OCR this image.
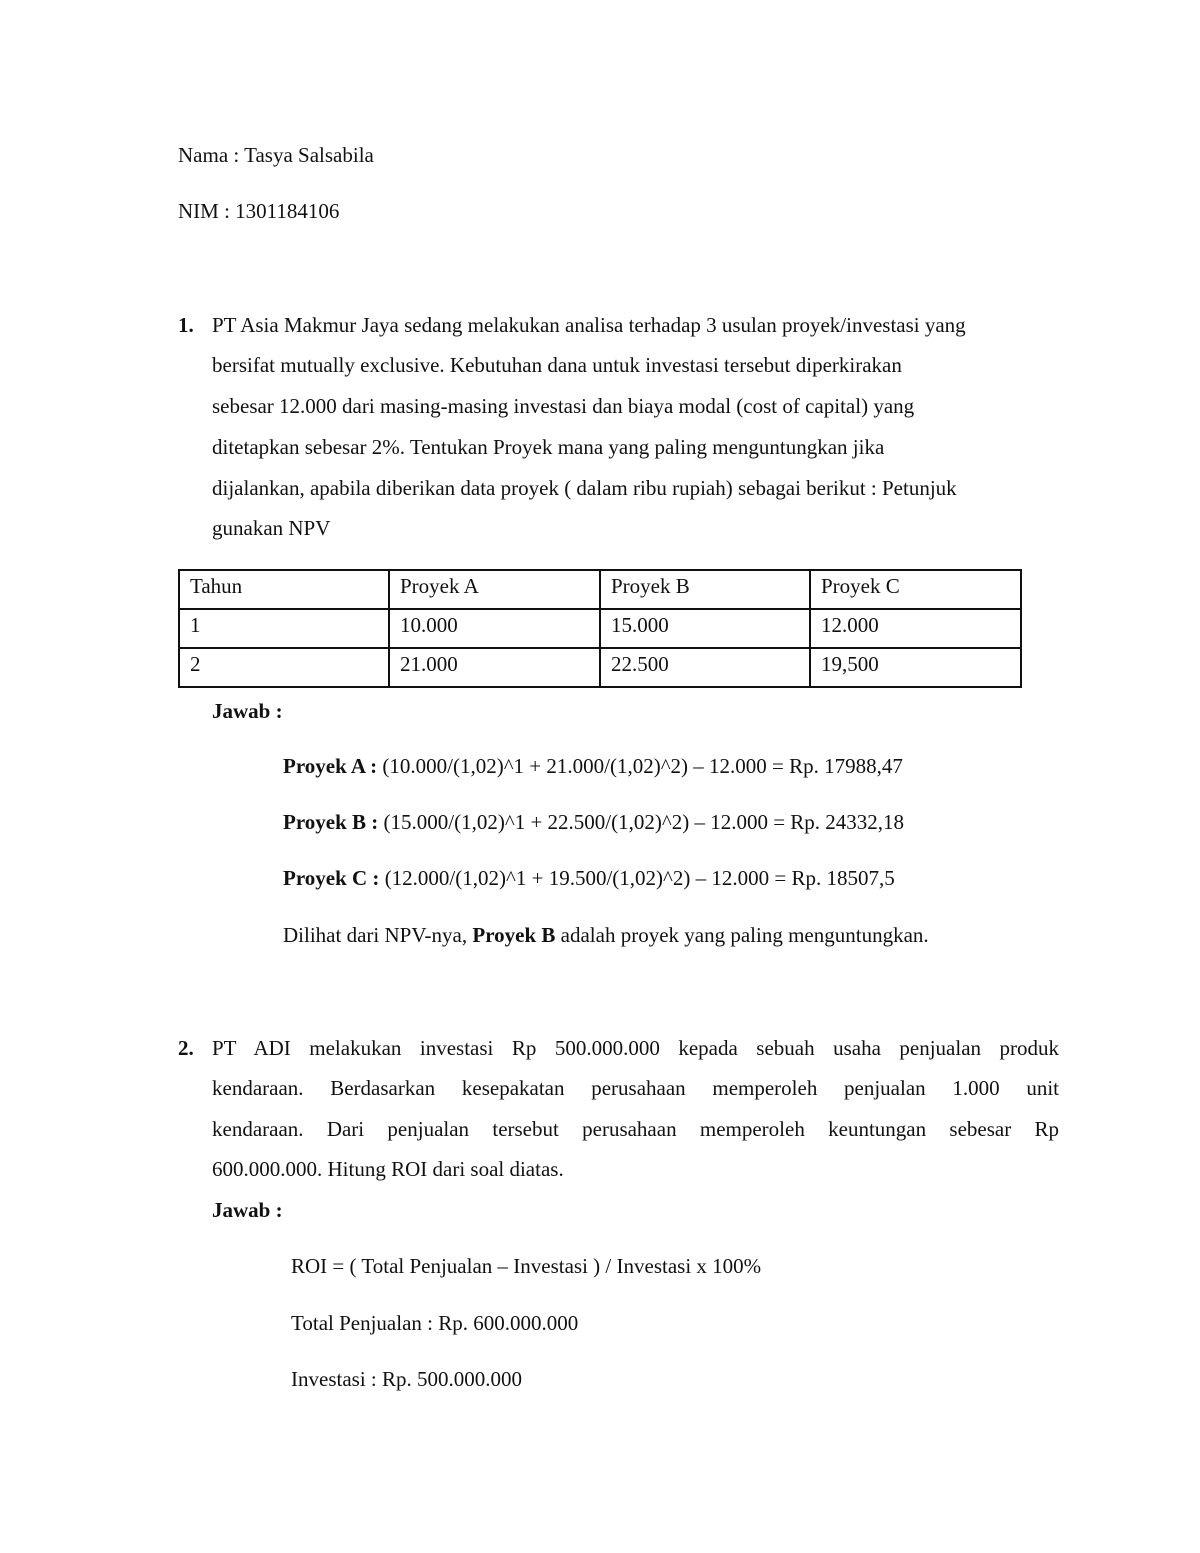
Nama : Tasya Salsabila
NIM : 1301184106
1. PT Asia Makmur Jaya sedang melakukan analisa terhadap 3 usulan proyek/investasi yang
bersifat mutually exclusive. Kebutuhan dana untuk investasi tersebut diperkirakan
sebesar 12.000 dari masing-masing investasi dan biaya modal (cost of capital) yang
ditetapkan sebesar 2%. Tentukan Proyek mana yang paling menguntungkan jika
dijalankan, apabila diberikan data proyek ( dalam ribu rupiah) sebagai berikut : Petunjuk
gunakan NPV
Tahun	Proyek A	Proyek B	Proyek C
1	10.000	15.000	12.000
2	21.000	22.500	19,500
Jawab :
Proyek A : (10.000/(1,02)^1 + 21.000/(1,02)^2) – 12.000 = Rp. 17988,47
Proyek B : (15.000/(1,02)^1 + 22.500/(1,02)^2) – 12.000 = Rp. 24332,18
Proyek C : (12.000/(1,02)^1 + 19.500/(1,02)^2) – 12.000 = Rp. 18507,5
Dilihat dari NPV-nya, Proyek B adalah proyek yang paling menguntungkan.
2. PT ADI melakukan investasi Rp 500.000.000 kepada sebuah usaha penjualan produk
kendaraan. Berdasarkan kesepakatan perusahaan memperoleh penjualan 1.000 unit
kendaraan. Dari penjualan tersebut perusahaan memperoleh keuntungan sebesar Rp
600.000.000. Hitung ROI dari soal diatas.
Jawab :
ROI = ( Total Penjualan – Investasi ) / Investasi x 100%
Total Penjualan : Rp. 600.000.000
Investasi : Rp. 500.000.000
